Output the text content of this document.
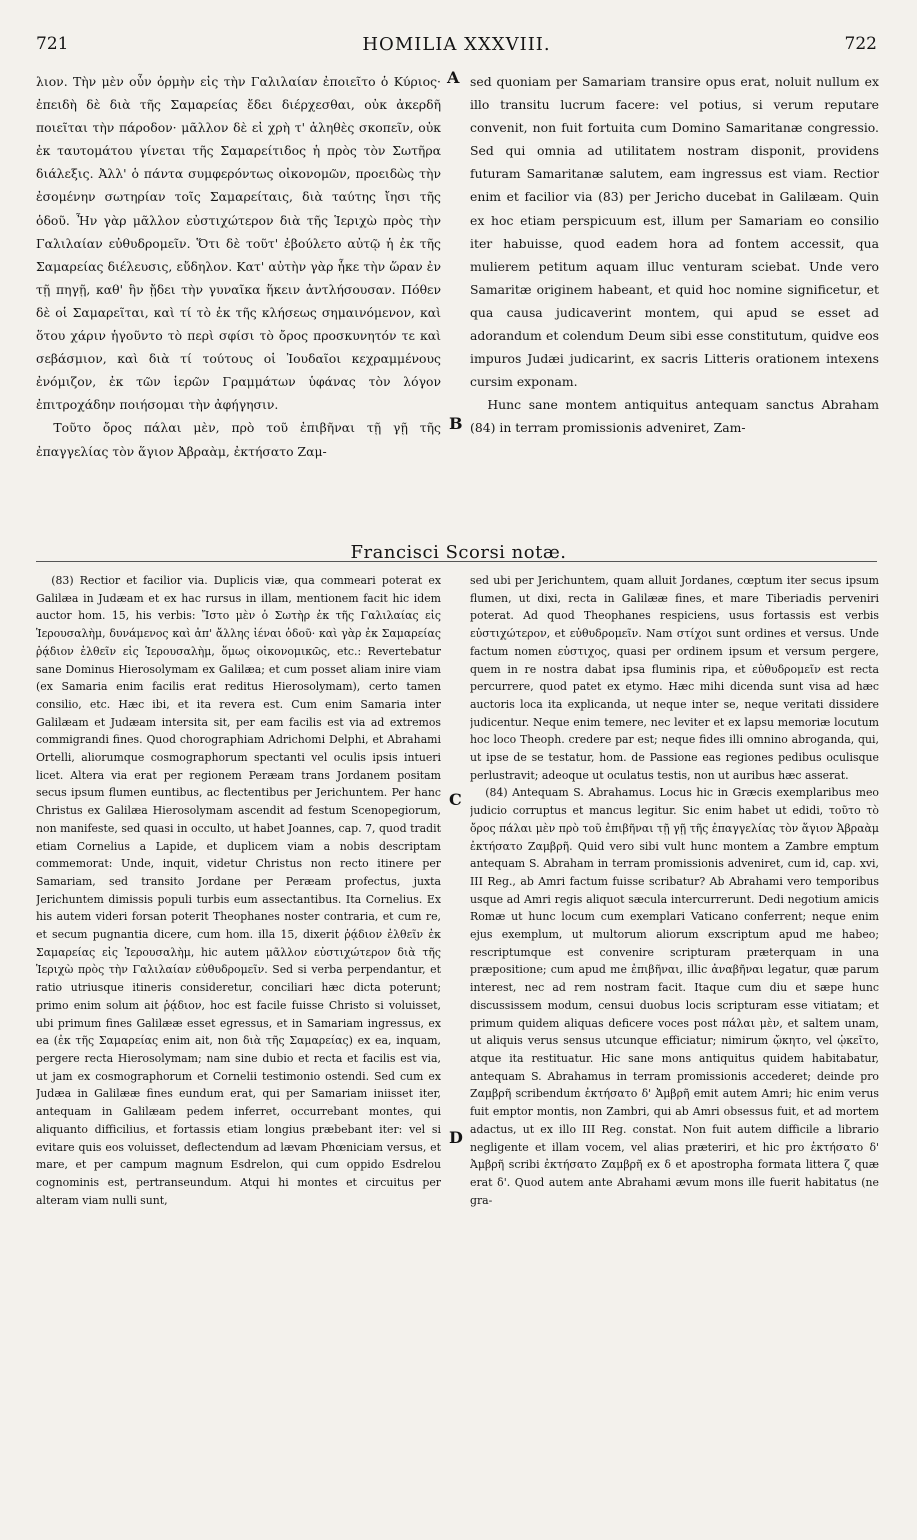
721	HOMILIA XXXVIII.	722

λιον. Τὴν μὲν οὖν ὁρμὴν εἰς τὴν Γαλιλαίαν ἐποιεῖτο ὁ Κύριος· ἐπειδὴ δὲ διὰ τῆς Σαμαρείας ἔδει διέρχεσθαι, οὐκ ἀκερδῆ ποιεῖται τὴν πάροδον· μᾶλλον δὲ εἰ χρὴ τ' ἀληθὲς σκοπεῖν, οὐκ ἐκ ταυτομάτου γίνεται τῆς Σαμαρείτιδος ἡ πρὸς τὸν Σωτῆρα διάλεξις. Ἀλλ' ὁ πάντα συμφερόντως οἰκονομῶν, προειδὼς τὴν ἐσομένην σωτηρίαν τοῖς Σαμαρείταις, διὰ ταύτης ἴησι τῆς ὁδοῦ. Ἦν γὰρ μᾶλλον εὐστιχώτερον διὰ τῆς Ἱεριχὼ πρὸς τὴν Γαλιλαίαν εὐθυδρομεῖν. Ὅτι δὲ τοῦτ' ἐβούλετο αὐτῷ ἡ ἐκ τῆς Σαμαρείας διέλευσις, εὔδηλον. Κατ' αὐτὴν γὰρ ἧκε τὴν ὥραν ἐν τῇ πηγῇ, καθ' ἣν ᾔδει τὴν γυναῖκα ἥκειν ἀντλήσουσαν. Πόθεν δὲ οἱ Σαμαρεῖται, καὶ τί τὸ ἐκ τῆς κλήσεως σημαινόμενον, καὶ ὅτου χάριν ἡγοῦντο τὸ περὶ σφίσι τὸ ὄρος προσκυνητόν τε καὶ σεβάσμιον, καὶ διὰ τί τούτους οἱ Ἰουδαῖοι κεχραμμένους ἐνόμιζον, ἐκ τῶν ἱερῶν Γραμμάτων ὑφάνας τὸν λόγον ἐπιτροχάδην ποιήσομαι τὴν ἀφήγησιν.

Τοῦτο ὄρος πάλαι μὲν, πρὸ τοῦ ἐπιβῆναι τῇ γῇ τῆς ἐπαγγελίας τὸν ἅγιον Ἀβραὰμ, ἐκτήσατο Ζαμ-

sed quoniam per Samariam transire opus erat, noluit nullum ex illo transitu lucrum facere: vel potius, si verum reputare convenit, non fuit fortuita cum Domino Samaritanæ congressio. Sed qui omnia ad utilitatem nostram disponit, providens futuram Samaritanæ salutem, eam ingressus est viam. Rectior enim et facilior via (83) per Jericho ducebat in Galilæam. Quin ex hoc etiam perspicuum est, illum per Samariam eo consilio iter habuisse, quod eadem hora ad fontem accessit, qua mulierem petitum aquam illuc venturam sciebat. Unde vero Samaritæ originem habeant, et quid hoc nomine significetur, et qua causa judicaverint montem, qui apud se esset ad adorandum et colendum Deum sibi esse constitutum, quidve eos impuros Judæi judicarint, ex sacris Litteris orationem intexens cursim exponam.

Hunc sane montem antiquitus antequam sanctus Abraham (84) in terram promissionis adveniret, Zam-

A
B
C
D
Francisci Scorsi notæ.

(83) Rectior et facilior via. Duplicis viæ, qua commeari poterat ex Galilæa in Judæam et ex hac rursus in illam, mentionem facit hic idem auctor hom. 15, his verbis: Ἴστο μὲν ὁ Σωτὴρ ἐκ τῆς Γαλιλαίας εἰς Ἱερουσαλὴμ, δυνάμενος καὶ ἀπ' ἄλλης ἰέναι ὁδοῦ· καὶ γὰρ ἐκ Σαμαρείας ῥᾴδιον ἐλθεῖν εἰς Ἱερουσαλὴμ, ὅμως οἰκονομικῶς, etc.: Revertebatur sane Dominus Hierosolymam ex Galilæa; et cum posset aliam inire viam (ex Samaria enim facilis erat reditus Hierosolymam), certo tamen consilio, etc. Hæc ibi, et ita revera est. Cum enim Samaria inter Galilæam et Judæam intersita sit, per eam facilis est via ad extremos commigrandi fines. Quod chorographiam Adrichomi Delphi, et Abrahami Ortelli, aliorumque cosmographorum spectanti vel oculis ipsis intueri licet. Altera via erat per regionem Peræam trans Jordanem positam secus ipsum flumen euntibus, ac flectentibus per Jerichuntem. Per hanc Christus ex Galilæa Hierosolymam ascendit ad festum Scenopegiorum, non manifeste, sed quasi in occulto, ut habet Joannes, cap. 7, quod tradit etiam Cornelius a Lapide, et duplicem viam a nobis descriptam commemorat: Unde, inquit, videtur Christus non recto itinere per Samariam, sed transito Jordane per Peræam profectus, juxta Jerichuntem dimissis populi turbis eum assectantibus. Ita Cornelius. Ex his autem videri forsan poterit Theophanes noster contraria, et cum re, et secum pugnantia dicere, cum hom. illa 15, dixerit ῥᾴδιον ἐλθεῖν ἐκ Σαμαρείας εἰς Ἱερουσαλὴμ, hic autem μᾶλλον εὐστιχώτερον διὰ τῆς Ἱεριχὼ πρὸς τὴν Γαλιλαίαν εὐθυδρομεῖν. Sed si verba perpendantur, et ratio utriusque itineris consideretur, conciliari hæc dicta poterunt; primo enim solum ait ῥᾴδιον, hoc est facile fuisse Christo si voluisset, ubi primum fines Galilææ esset egressus, et in Samariam ingressus, ex ea (ἐκ τῆς Σαμαρείας enim ait, non διὰ τῆς Σαμαρείας) ex ea, inquam, pergere recta Hierosolymam; nam sine dubio et recta et facilis est via, ut jam ex cosmographorum et Cornelii testimonio ostendi. Sed cum ex Judæa in Galilææ fines eundum erat, qui per Samariam iniisset iter, antequam in Galilæam pedem inferret, occurrebant montes, qui aliquanto difficilius, et fortassis etiam longius præbebant iter: vel si evitare quis eos voluisset, deflectendum ad lævam Phœniciam versus, et mare, et per campum magnum Esdrelon, qui cum oppido Esdrelou cognominis est, pertranseundum. Atqui hi montes et circuitus per alteram viam nulli sunt,

sed ubi per Jerichuntem, quam alluit Jordanes, cœptum iter secus ipsum flumen, ut dixi, recta in Galilææ fines, et mare Tiberiadis perveniri poterat. Ad quod Theophanes respiciens, usus fortassis est verbis εὐστιχώτερον, et εὐθυδρομεῖν. Nam στίχοι sunt ordines et versus. Unde factum nomen εὐστιχος, quasi per ordinem ipsum et versum pergere, quem in re nostra dabat ipsa fluminis ripa, et εὐθυδρομεῖν est recta percurrere, quod patet ex etymo. Hæc mihi dicenda sunt visa ad hæc auctoris loca ita explicanda, ut neque inter se, neque veritati dissidere judicentur. Neque enim temere, nec leviter et ex lapsu memoriæ locutum hoc loco Theoph. credere par est; neque fides illi omnino abroganda, qui, ut ipse de se testatur, hom. de Passione eas regiones pedibus oculisque perlustravit; adeoque ut oculatus testis, non ut auribus hæc asserat.

(84) Antequam S. Abrahamus. Locus hic in Græcis exemplaribus meo judicio corruptus et mancus legitur. Sic enim habet ut edidi, τοῦτο τὸ ὄρος πάλαι μὲν πρὸ τοῦ ἐπιβῆναι τῇ γῇ τῆς ἐπαγγελίας τὸν ἅγιον Ἀβραὰμ ἐκτήσατο Ζαμβρῆ. Quid vero sibi vult hunc montem a Zambre emptum antequam S. Abraham in terram promissionis adveniret, cum id, cap. xvi, III Reg., ab Amri factum fuisse scribatur? Ab Abrahami vero temporibus usque ad Amri regis aliquot sæcula intercurrerunt. Dedi negotium amicis Romæ ut hunc locum cum exemplari Vaticano conferrent; neque enim ejus exemplum, ut multorum aliorum exscriptum apud me habeo; rescriptumque est convenire scripturam præterquam in una præpositione; cum apud me ἐπιβῆναι, illic ἀναβῆναι legatur, quæ parum interest, nec ad rem nostram facit. Itaque cum diu et sæpe hunc discussissem modum, censui duobus locis scripturam esse vitiatam; et primum quidem aliquas deficere voces post πάλαι μὲν, et saltem unam, ut aliquis verus sensus utcunque efficiatur; nimirum ᾤκητο, vel ᾠκεῖτο, atque ita restituatur. Hic sane mons antiquitus quidem habitabatur, antequam S. Abrahamus in terram promissionis accederet; deinde pro Ζαμβρῆ scribendum ἐκτήσατο δ' Ἀμβρῆ emit autem Amri; hic enim verus fuit emptor montis, non Zambri, qui ab Amri obsessus fuit, et ad mortem adactus, ut ex illo III Reg. constat. Non fuit autem difficile a librario negligente et illam vocem, vel alias præteriri, et hic pro ἐκτήσατο δ' Ἀμβρῆ scribi ἐκτήσατο Ζαμβρῆ ex δ et apostropha formata littera ζ quæ erat δ'. Quod autem ante Abrahami ævum mons ille fuerit habitatus (ne gra-
